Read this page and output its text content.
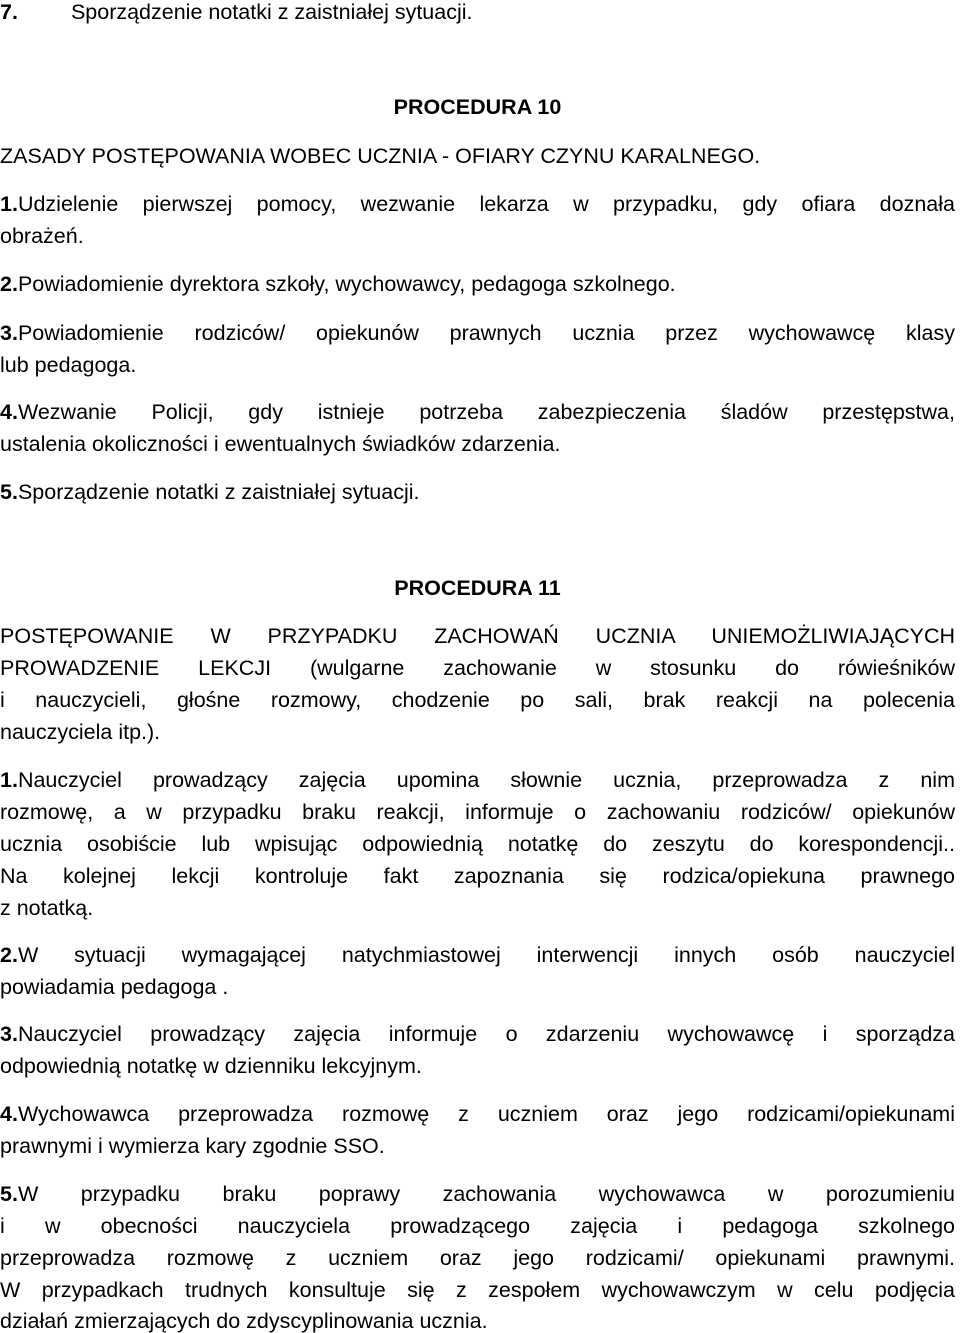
7. Sporządzenie notatki z zaistniałej sytuacji.
PROCEDURA 10
ZASADY POSTĘPOWANIA WOBEC UCZNIA - OFIARY CZYNU KARALNEGO.
1.Udzielenie pierwszej pomocy, wezwanie lekarza w przypadku, gdy ofiara doznała
obrażeń.
2.Powiadomienie dyrektora szkoły, wychowawcy, pedagoga szkolnego.
3.Powiadomienie rodziców/ opiekunów prawnych ucznia przez wychowawcę klasy
lub pedagoga.
4.Wezwanie Policji, gdy istnieje potrzeba zabezpieczenia śladów przestępstwa,
ustalenia okoliczności i ewentualnych świadków zdarzenia.
5.Sporządzenie notatki z zaistniałej sytuacji.
PROCEDURA 11
POSTĘPOWANIE W PRZYPADKU ZACHOWAŃ UCZNIA UNIEMOŻLIWIAJĄCYCH
PROWADZENIE LEKCJI (wulgarne zachowanie w stosunku do rówieśników
i nauczycieli, głośne rozmowy, chodzenie po sali, brak reakcji na polecenia
nauczyciela itp.).
1.Nauczyciel prowadzący zajęcia upomina słownie ucznia, przeprowadza z nim
rozmowę, a w przypadku braku reakcji, informuje o zachowaniu rodziców/ opiekunów
ucznia osobiście lub wpisując odpowiednią notatkę do zeszytu do korespondencji..
Na kolejnej lekcji kontroluje fakt zapoznania się rodzica/opiekuna prawnego
z notatką.
2.W sytuacji wymagającej natychmiastowej interwencji innych osób nauczyciel
powiadamia pedagoga .
3.Nauczyciel prowadzący zajęcia informuje o zdarzeniu wychowawcę i sporządza
odpowiednią notatkę w dzienniku lekcyjnym.
4.Wychowawca przeprowadza rozmowę z uczniem oraz jego rodzicami/opiekunami
prawnymi i wymierza kary zgodnie SSO.
5.W przypadku braku poprawy zachowania wychowawca w porozumieniu
i w obecności nauczyciela prowadzącego zajęcia i pedagoga szkolnego
przeprowadza rozmowę z uczniem oraz jego rodzicami/ opiekunami prawnymi.
W przypadkach trudnych konsultuje się z zespołem wychowawczym w celu podjęcia
działań zmierzających do zdyscyplinowania ucznia.
